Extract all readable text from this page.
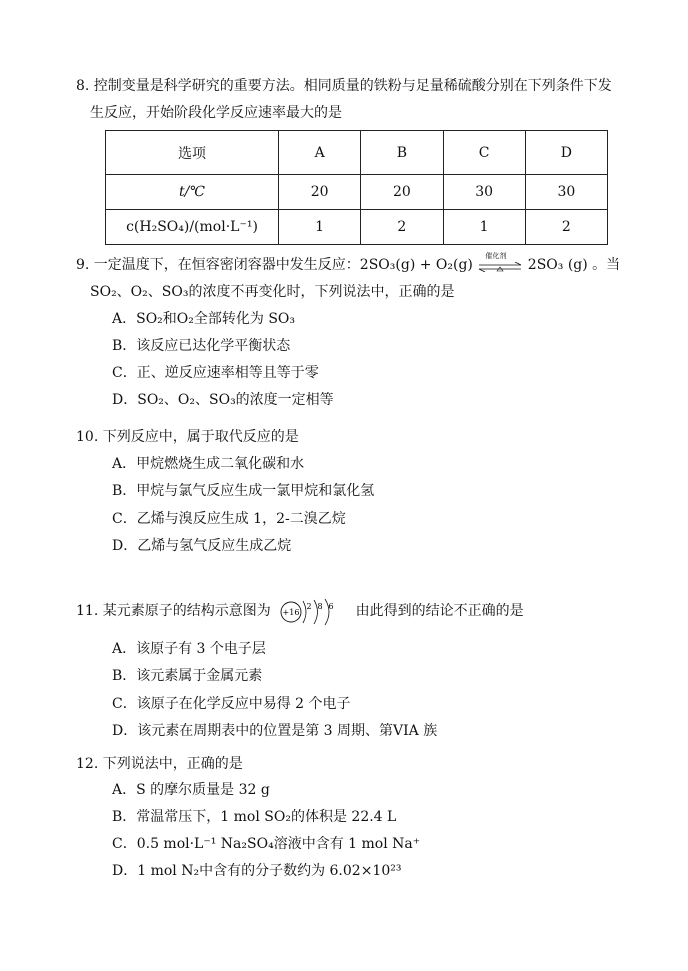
8. 控制变量是科学研究的重要方法。相同质量的铁粉与足量稀硫酸分别在下列条件下发
生反应，开始阶段化学反应速率最大的是
选项	A	B	C	D
t/℃	20	20	30	30
c(H₂SO₄)/(mol·L⁻¹)	1	2	1	2
9. 一定温度下，在恒容密闭容器中发生反应：2SO₃(g) + O₂(g)
催化剂
2SO₃ (g) 。当
SO₂、O₂、SO₃的浓度不再变化时，下列说法中，正确的是
A．SO₂和O₂全部转化为 SO₃
B．该反应已达化学平衡状态
C．正、逆反应速率相等且等于零
D．SO₂、O₂、SO₃的浓度一定相等
10. 下列反应中，属于取代反应的是
A．甲烷燃烧生成二氧化碳和水
B．甲烷与氯气反应生成一氯甲烷和氯化氢
C．乙烯与溴反应生成 1，2-二溴乙烷
D．乙烯与氢气反应生成乙烷
11. 某元素原子的结构示意图为 +16
2 8 6 由此得到的结论不正确的是
A．该原子有 3 个电子层
B．该元素属于金属元素
C．该原子在化学反应中易得 2 个电子
D．该元素在周期表中的位置是第 3 周期、第VIA 族
12. 下列说法中，正确的是
A．S 的摩尔质量是 32 g
B．常温常压下，1 mol SO₂的体积是 22.4 L
C．0.5 mol·L⁻¹ Na₂SO₄溶液中含有 1 mol Na⁺
D．1 mol N₂中含有的分子数约为 6.02×10²³
